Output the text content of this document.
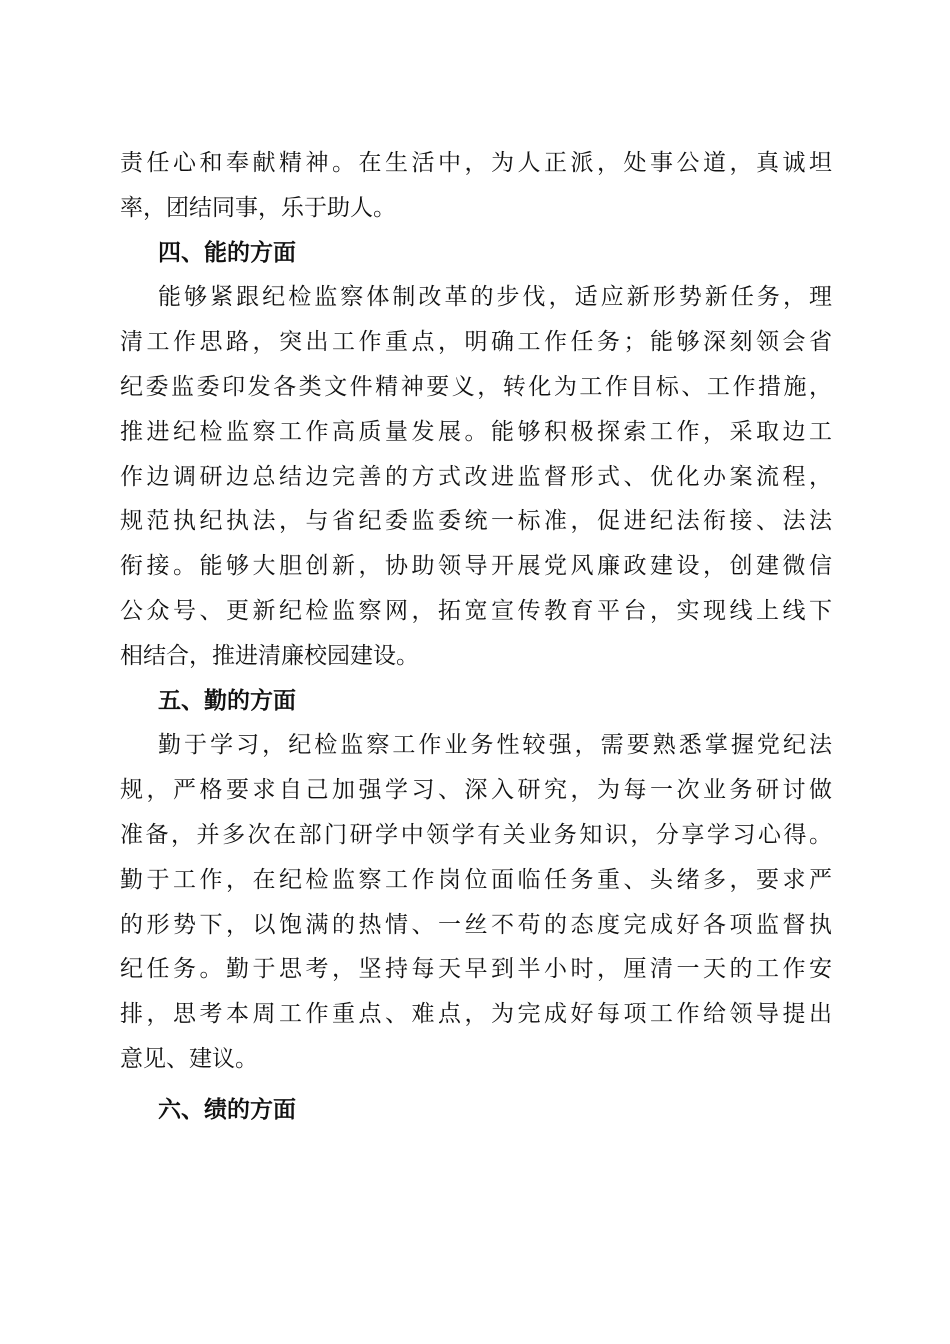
责任心和奉献精神。在生活中，为人正派，处事公道，真诚坦
率，团结同事，乐于助人。
四、能的方面
能够紧跟纪检监察体制改革的步伐，适应新形势新任务，理
清工作思路，突出工作重点，明确工作任务；能够深刻领会省
纪委监委印发各类文件精神要义，转化为工作目标、工作措施，
推进纪检监察工作高质量发展。能够积极探索工作，采取边工
作边调研边总结边完善的方式改进监督形式、优化办案流程，
规范执纪执法，与省纪委监委统一标准，促进纪法衔接、法法
衔接。能够大胆创新，协助领导开展党风廉政建设，创建微信
公众号、更新纪检监察网，拓宽宣传教育平台，实现线上线下
相结合，推进清廉校园建设。
五、勤的方面
勤于学习，纪检监察工作业务性较强，需要熟悉掌握党纪法
规，严格要求自己加强学习、深入研究，为每一次业务研讨做
准备，并多次在部门研学中领学有关业务知识，分享学习心得。
勤于工作，在纪检监察工作岗位面临任务重、头绪多，要求严
的形势下，以饱满的热情、一丝不苟的态度完成好各项监督执
纪任务。勤于思考，坚持每天早到半小时，厘清一天的工作安
排，思考本周工作重点、难点，为完成好每项工作给领导提出
意见、建议。
六、绩的方面
